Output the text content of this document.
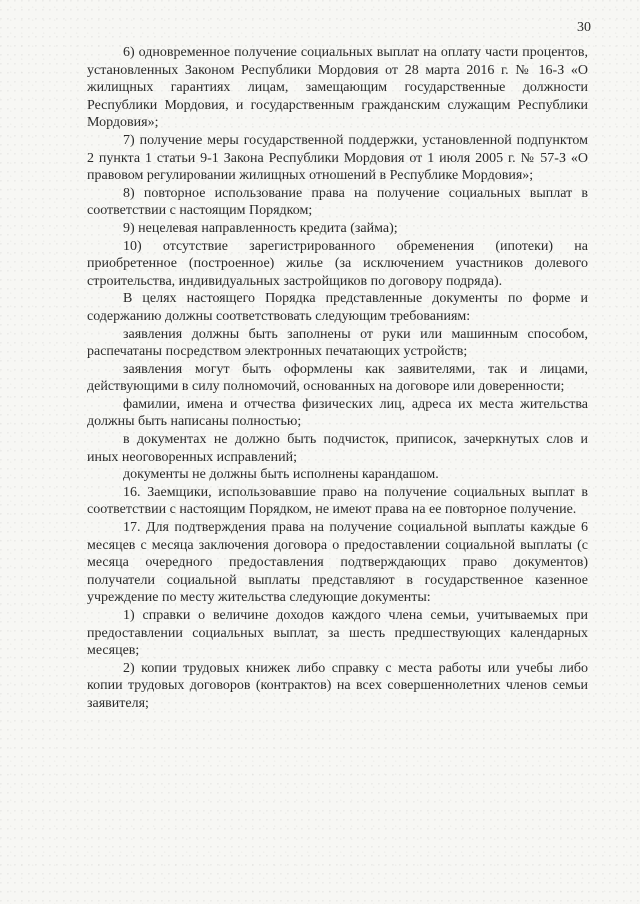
30

6) одновременное получение социальных выплат на оплату части процентов, установленных Законом Республики Мордовия от 28 марта 2016 г. № 16-З «О жилищных гарантиях лицам, замещающим государственные должности Республики Мордовия, и государственным гражданским служащим Республики Мордовия»;

7) получение меры государственной поддержки, установленной подпунктом 2 пункта 1 статьи 9-1 Закона Республики Мордовия от 1 июля 2005 г. № 57-З «О правовом регулировании жилищных отношений в Республике Мордовия»;

8) повторное использование права на получение социальных выплат в соответствии с настоящим Порядком;

9) нецелевая направленность кредита (займа);

10) отсутствие зарегистрированного обременения (ипотеки) на приобретенное (построенное) жилье (за исключением участников долевого строительства, индивидуальных застройщиков по договору подряда).

В целях настоящего Порядка представленные документы по форме и содержанию должны соответствовать следующим требованиям:

заявления должны быть заполнены от руки или машинным способом, распечатаны посредством электронных печатающих устройств;

заявления могут быть оформлены как заявителями, так и лицами, действующими в силу полномочий, основанных на договоре или доверенности;

фамилии, имена и отчества физических лиц, адреса их места жительства должны быть написаны полностью;

в документах не должно быть подчисток, приписок, зачеркнутых слов и иных неоговоренных исправлений;

документы не должны быть исполнены карандашом.

16. Заемщики, использовавшие право на получение социальных выплат в соответствии с настоящим Порядком, не имеют права на ее повторное получение.

17. Для подтверждения права на получение социальной выплаты каждые 6 месяцев с месяца заключения договора о предоставлении социальной выплаты (с месяца очередного предоставления подтверждающих право документов) получатели социальной выплаты представляют в государственное казенное учреждение по месту жительства следующие документы:

1) справки о величине доходов каждого члена семьи, учитываемых при предоставлении социальных выплат, за шесть предшествующих календарных месяцев;

2) копии трудовых книжек либо справку с места работы или учебы либо копии трудовых договоров (контрактов) на всех совершеннолетних членов семьи заявителя;
